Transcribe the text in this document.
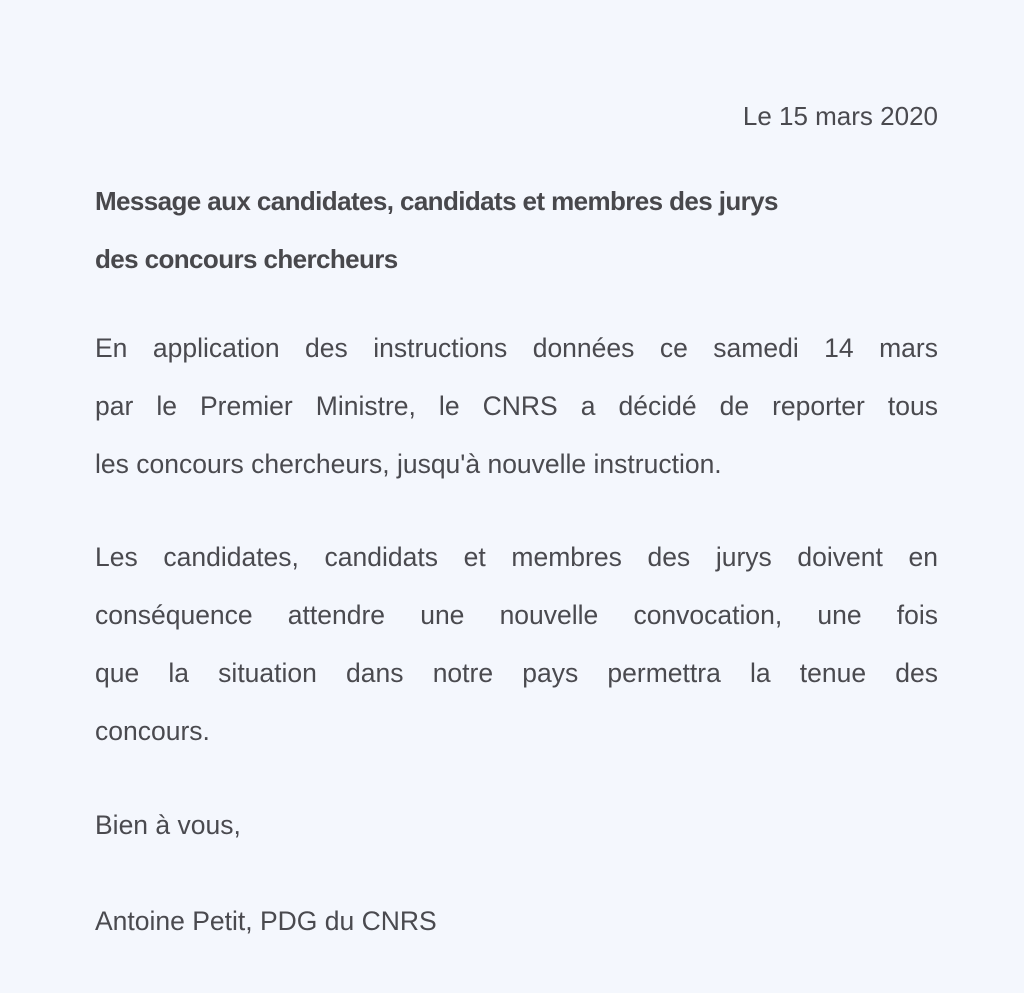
Le 15 mars 2020
Message aux candidates, candidats et membres des jurys
des concours chercheurs
En application des instructions données ce samedi 14 mars
par le Premier Ministre, le CNRS a décidé de reporter tous
les concours chercheurs, jusqu'à nouvelle instruction.
Les candidates, candidats et membres des jurys doivent en
conséquence attendre une nouvelle convocation, une fois
que la situation dans notre pays permettra la tenue des
concours.
Bien à vous,
Antoine Petit, PDG du CNRS
